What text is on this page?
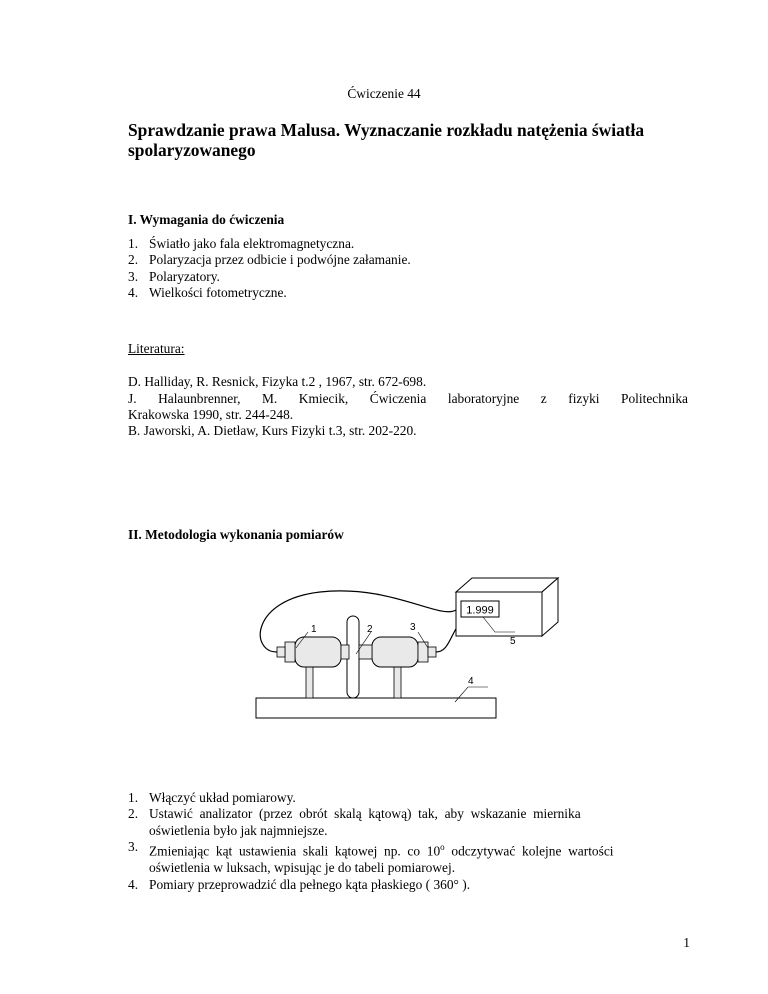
Ćwiczenie 44
Sprawdzanie prawa Malusa. Wyznaczanie rozkładu natężenia światła spolaryzowanego
I. Wymagania do ćwiczenia
1. Światło jako fala elektromagnetyczna.
2. Polaryzacja przez odbicie i podwójne załamanie.
3. Polaryzatory.
4. Wielkości fotometryczne.
Literatura:
D. Halliday, R. Resnick, Fizyka t.2 , 1967, str. 672-698.
J. Halaunbrenner, M. Kmiecik, Ćwiczenia laboratoryjne z fizyki Politechnika
Krakowska 1990, str. 244-248.
B. Jaworski, A. Dietław, Kurs Fizyki t.3, str. 202-220.
II. Metodologia wykonania pomiarów
1.999
1	2	3
4
5
1. Włączyć układ pomiarowy.
2. Ustawić  analizator  (przez  obrót  skalą  kątową)  tak,  aby  wskazanie  miernika
oświetlenia było jak najmniejsze.
3. Zmieniając  kąt  ustawienia  skali  kątowej  np.  co  10$^o$  odczytywać  kolejne  wartości
oświetlenia w luksach, wpisując je do tabeli pomiarowej.
4. Pomiary przeprowadzić dla pełnego kąta płaskiego ( 360° ).
1
